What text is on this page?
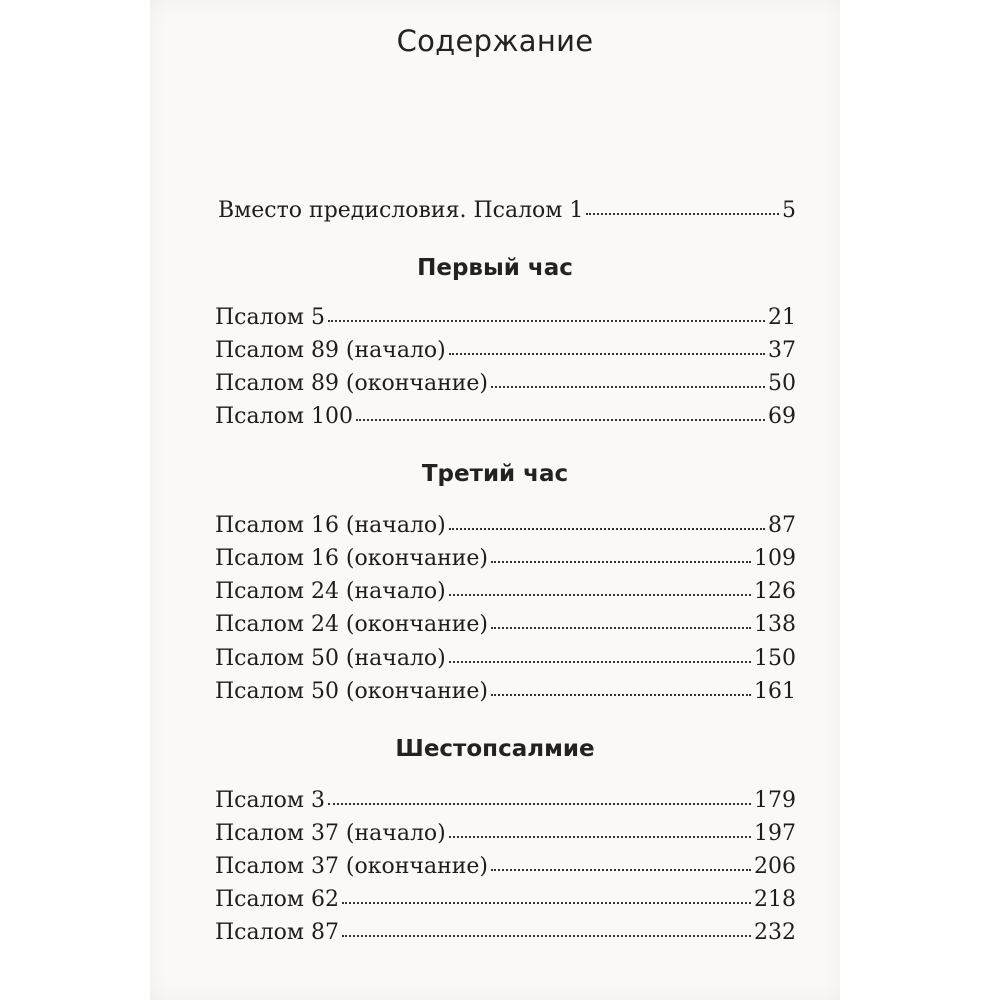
Содержание
Вместо предисловия. Псалом 1	5
Первый час
Псалом 5	21
Псалом 89 (начало)	37
Псалом 89 (окончание)	50
Псалом 100	69
Третий час
Псалом 16 (начало)	87
Псалом 16 (окончание)	109
Псалом 24 (начало)	126
Псалом 24 (окончание)	138
Псалом 50 (начало)	150
Псалом 50 (окончание)	161
Шестопсалмие
Псалом 3	179
Псалом 37 (начало)	197
Псалом 37 (окончание)	206
Псалом 62	218
Псалом 87	232
